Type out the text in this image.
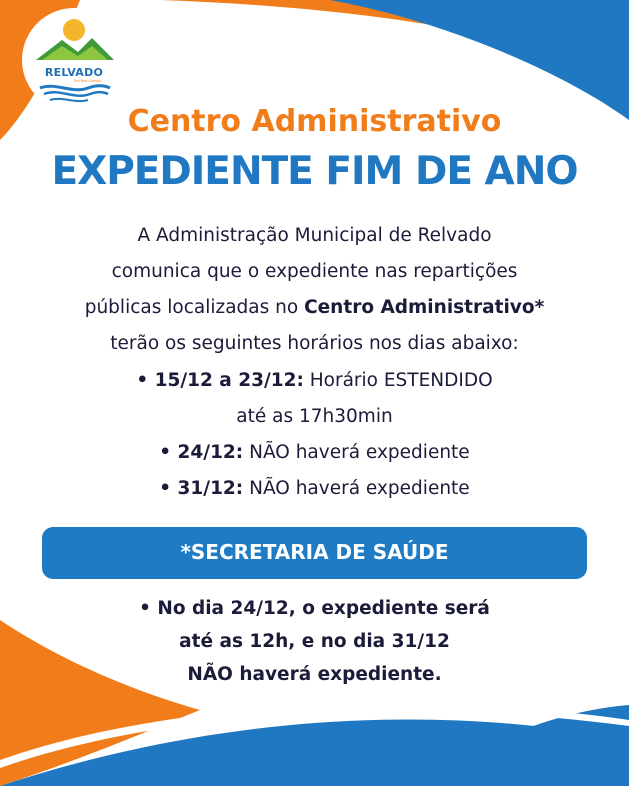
RELVADO
Em Boa Coesão
Centro Administrativo
EXPEDIENTE FIM DE ANO
A Administração Municipal de Relvado
comunica que o expediente nas repartições
públicas localizadas no Centro Administrativo*
terão os seguintes horários nos dias abaixo:
• 15/12 a 23/12: Horário ESTENDIDO
até as 17h30min
• 24/12: NÃO haverá expediente
• 31/12: NÃO haverá expediente
*SECRETARIA DE SAÚDE
• No dia 24/12, o expediente será
até as 12h, e no dia 31/12
NÃO haverá expediente.
